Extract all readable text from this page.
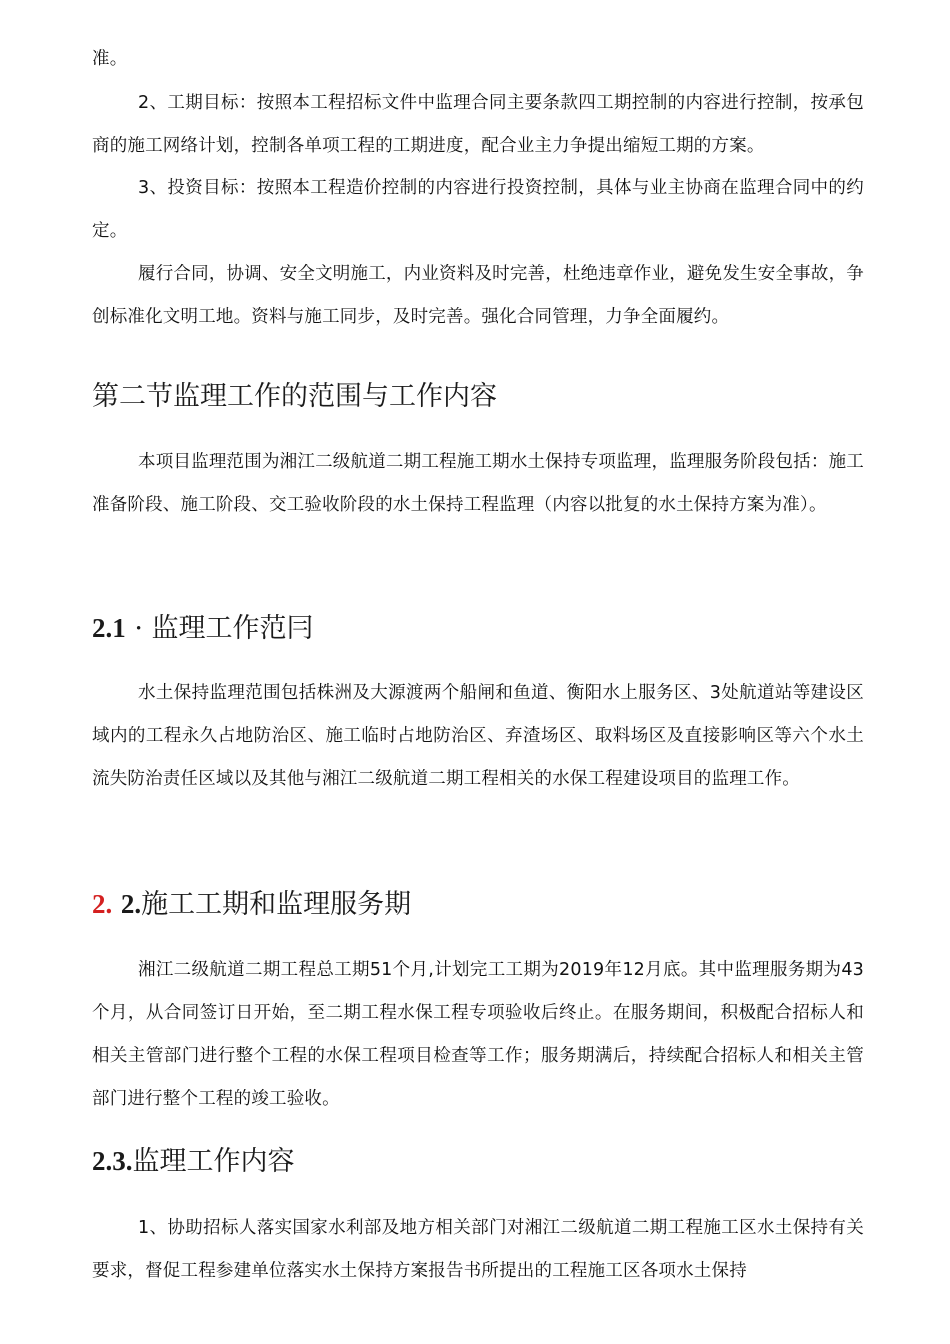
准。
2、工期目标：按照本工程招标文件中监理合同主要条款四工期控制的内容进行控制，按承包商的施工网络计划，控制各单项工程的工期进度，配合业主力争提出缩短工期的方案。
3、投资目标：按照本工程造价控制的内容进行投资控制，具体与业主协商在监理合同中的约定。
履行合同，协调、安全文明施工，内业资料及时完善，杜绝违章作业，避免发生安全事故，争创标准化文明工地。资料与施工同步，及时完善。强化合同管理，力争全面履约。
第二节监理工作的范围与工作内容
本项目监理范围为湘江二级航道二期工程施工期水土保持专项监理，监理服务阶段包括：施工准备阶段、施工阶段、交工验收阶段的水土保持工程监理（内容以批复的水土保持方案为准）。
2.1 · 监理工作范冃
水土保持监理范围包括株洲及大源渡两个船闸和鱼道、衡阳水上服务区、3处航道站等建设区域内的工程永久占地防治区、施工临时占地防治区、弃渣场区、取料场区及直接影响区等六个水土流失防治责任区域以及其他与湘江二级航道二期工程相关的水保工程建设项目的监理工作。
2. 2.施工工期和监理服务期
湘江二级航道二期工程总工期51个月,计划完工工期为2019年12月底。其中监理服务期为43个月，从合同签订日开始，至二期工程水保工程专项验收后终止。在服务期间，积极配合招标人和相关主管部门进行整个工程的水保工程项目检查等工作；服务期满后，持续配合招标人和相关主管部门进行整个工程的竣工验收。
2.3.监理工作内容
1、协助招标人落实国家水利部及地方相关部门对湘江二级航道二期工程施工区水土保持有关要求，督促工程参建单位落实水土保持方案报告书所提出的工程施工区各项水土保持
